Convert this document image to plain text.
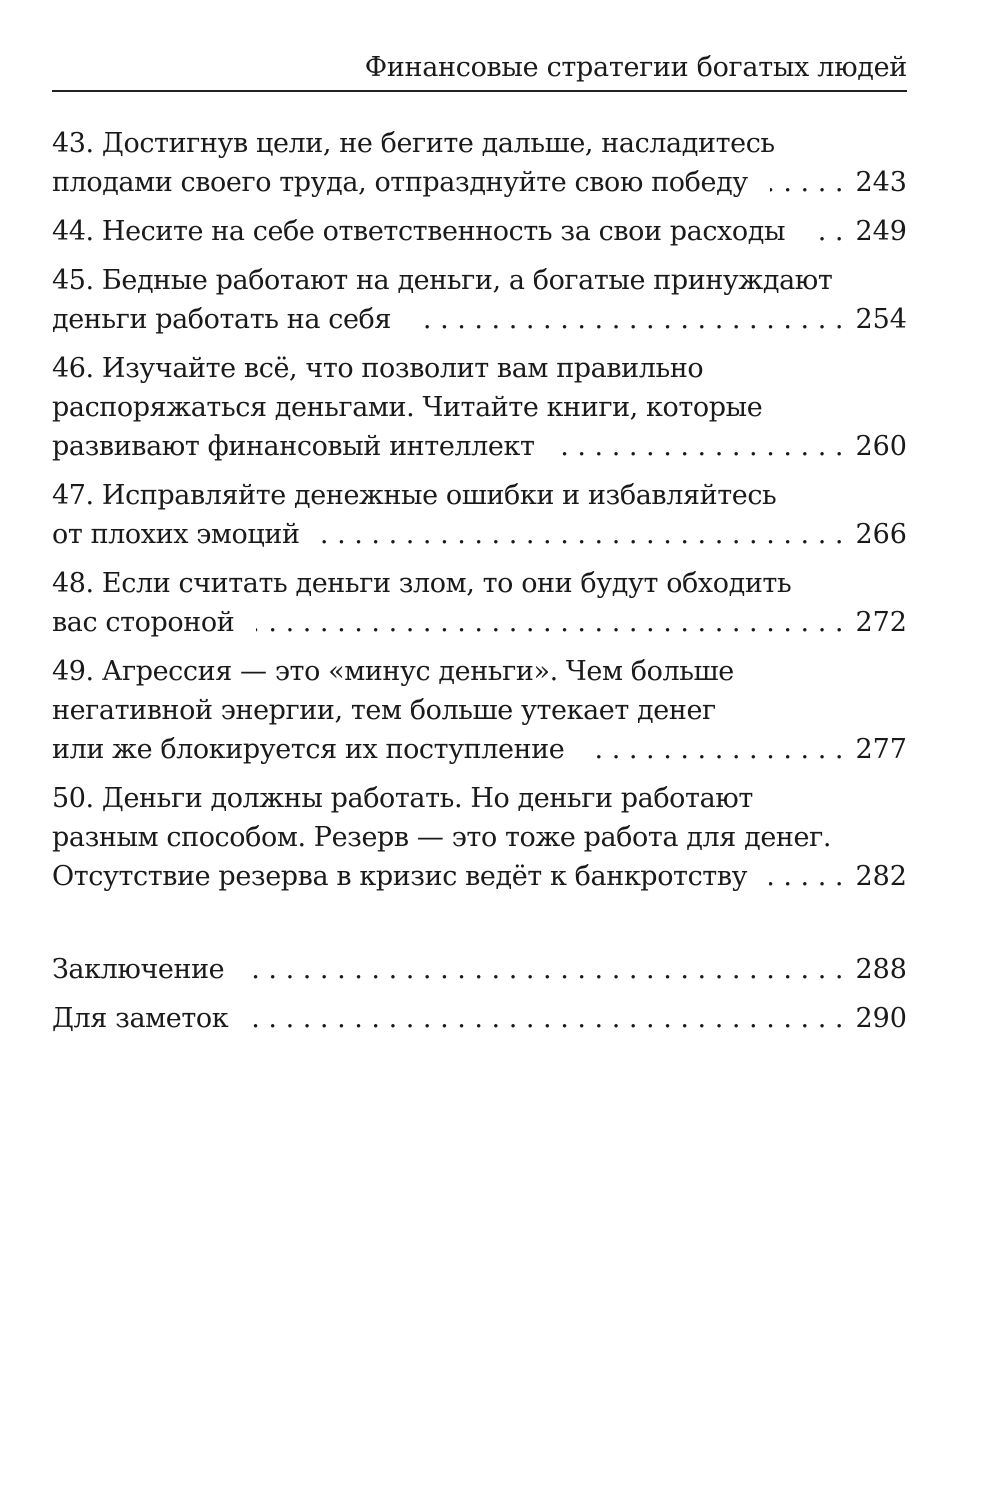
Финансовые стратегии богатых людей
43. Достигнув цели, не бегите дальше, насладитесь
плодами своего труда, отпразднуйте свою победу . . .	243
44. Несите на себе ответственность за свои расходы . . .	249
45. Бедные работают на деньги, а богатые принуждают
деньги работать на себя . . .	254
46. Изучайте всё, что позволит вам правильно
распоряжаться деньгами. Читайте книги, которые
развивают финансовый интеллект . . .	260
47. Исправляйте денежные ошибки и избавляйтесь
от плохих эмоций . . .	266
48. Если считать деньги злом, то они будут обходить
вас стороной . . .	272
49. Агрессия — это «минус деньги». Чем больше
негативной энергии, тем больше утекает денег
или же блокируется их поступление . . .	277
50. Деньги должны работать. Но деньги работают
разным способом. Резерв — это тоже работа для денег.
Отсутствие резерва в кризис ведёт к банкротству . . .	282
Заключение . . .	288
Для заметок . . .	290
